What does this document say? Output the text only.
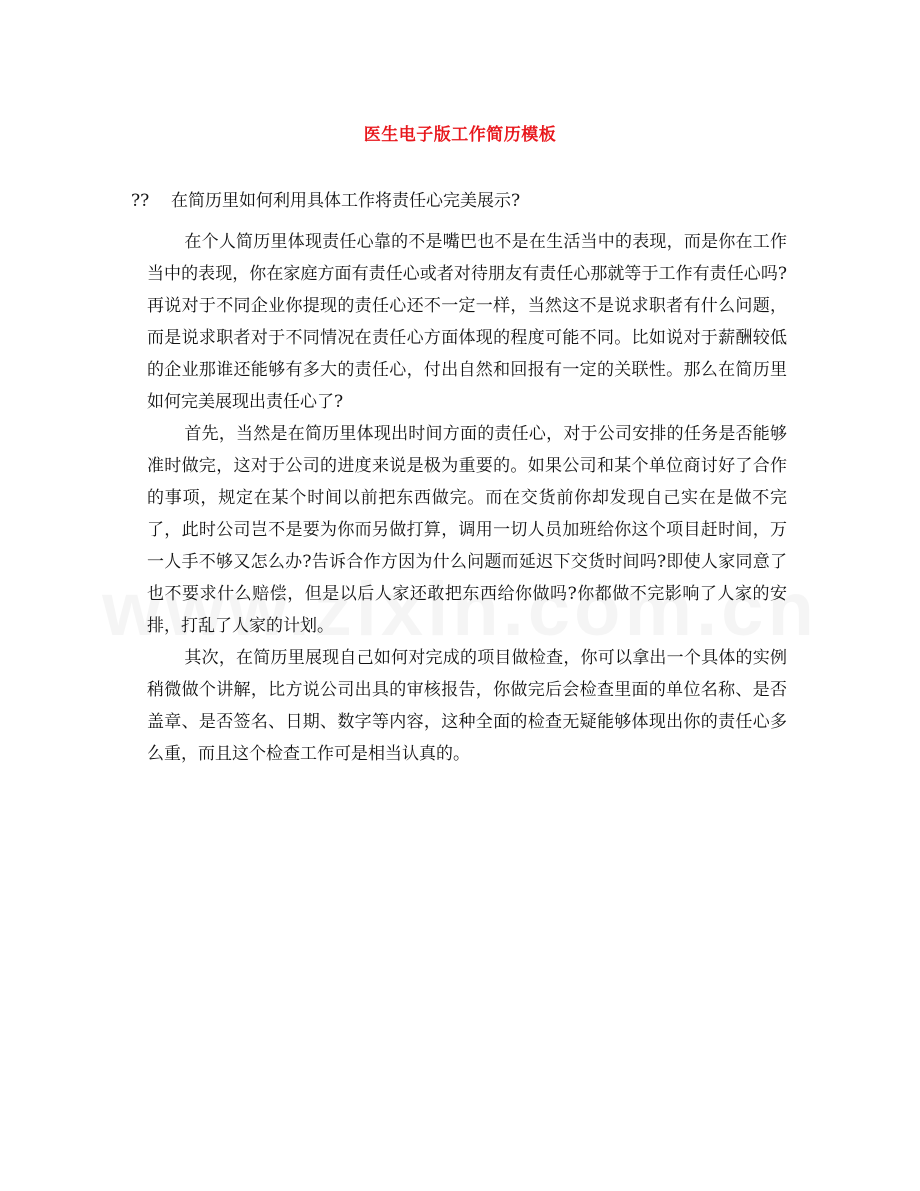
医生电子版工作简历模板
?? 在简历里如何利用具体工作将责任心完美展示?

在个人简历里体现责任心靠的不是嘴巴也不是在生活当中的表现，而是你在工作当中的表现，你在家庭方面有责任心或者对待朋友有责任心那就等于工作有责任心吗?再说对于不同企业你提现的责任心还不一定一样，当然这不是说求职者有什么问题，而是说求职者对于不同情况在责任心方面体现的程度可能不同。比如说对于薪酬较低的企业那谁还能够有多大的责任心，付出自然和回报有一定的关联性。那么在简历里如何完美展现出责任心了?

首先，当然是在简历里体现出时间方面的责任心，对于公司安排的任务是否能够准时做完，这对于公司的进度来说是极为重要的。如果公司和某个单位商讨好了合作的事项，规定在某个时间以前把东西做完。而在交货前你却发现自己实在是做不完了，此时公司岂不是要为你而另做打算，调用一切人员加班给你这个项目赶时间，万一人手不够又怎么办?告诉合作方因为什么问题而延迟下交货时间吗?即使人家同意了也不要求什么赔偿，但是以后人家还敢把东西给你做吗?你都做不完影响了人家的安排，打乱了人家的计划。

其次，在简历里展现自己如何对完成的项目做检查，你可以拿出一个具体的实例稍微做个讲解，比方说公司出具的审核报告，你做完后会检查里面的单位名称、是否盖章、是否签名、日期、数字等内容，这种全面的检查无疑能够体现出你的责任心多么重，而且这个检查工作可是相当认真的。
